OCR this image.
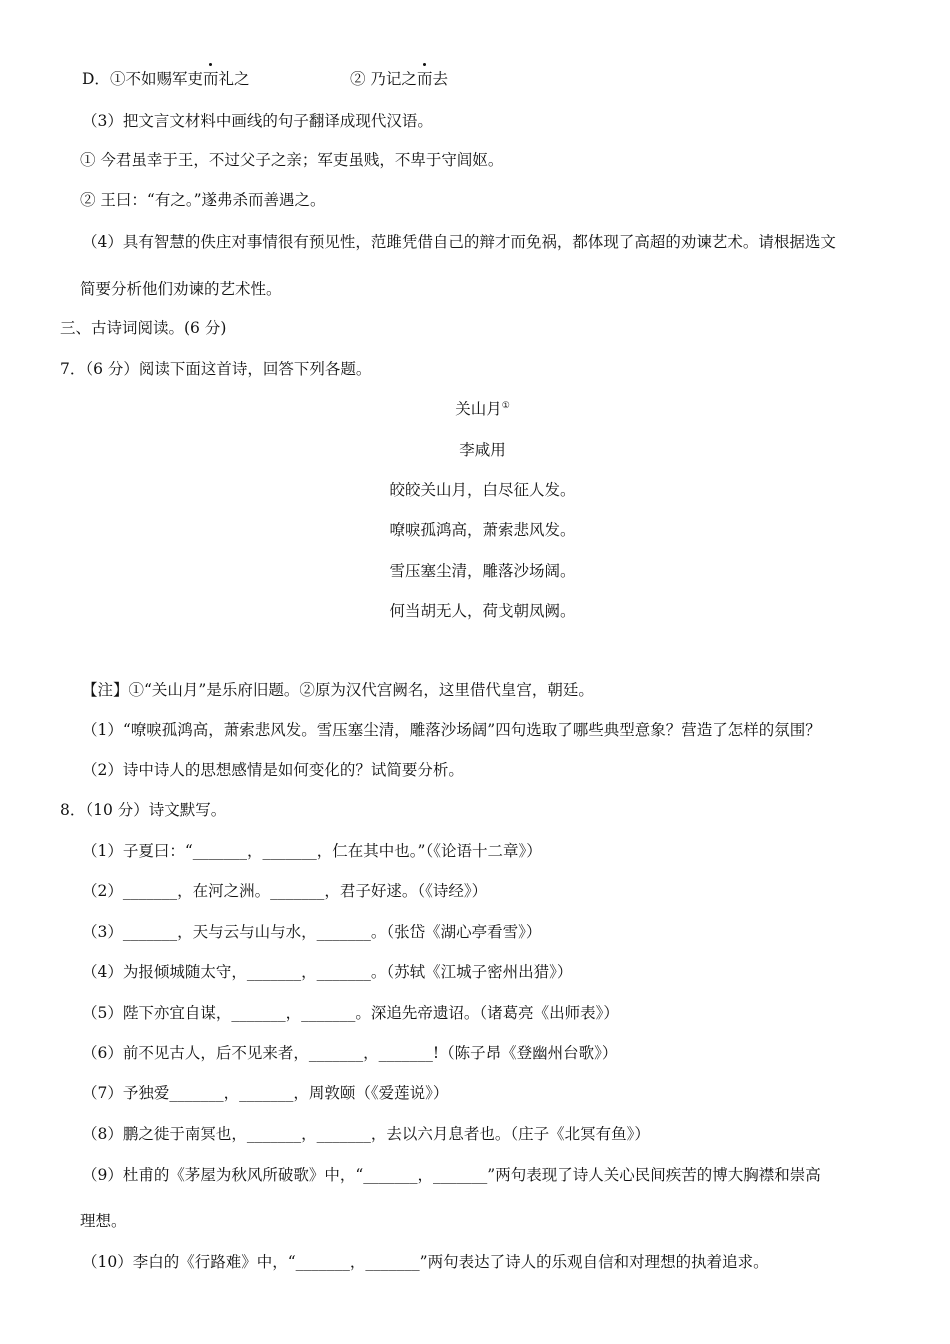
D．①不如赐军吏而礼之	② 乃记之而去
（3）把文言文材料中画线的句子翻译成现代汉语。
① 今君虽幸于王，不过父子之亲；军吏虽贱，不卑于守闾妪。
② 王曰：“有之。”遂弗杀而善遇之。
（4）具有智慧的佚庄对事情很有预见性，范雎凭借自己的辩才而免祸，都体现了高超的劝谏艺术。请根据选文
简要分析他们劝谏的艺术性。
三、古诗词阅读。(6 分)
7．（6 分）阅读下面这首诗，回答下列各题。
关山月①
李咸用
皎皎关山月，白尽征人发。
嘹唳孤鸿高，萧索悲风发。
雪压塞尘清，雕落沙场阔。
何当胡无人，荷戈朝凤阙。
【注】①“关山月”是乐府旧题。②原为汉代宫阙名，这里借代皇宫，朝廷。
（1）“嘹唳孤鸿高，萧索悲风发。雪压塞尘清，雕落沙场阔”四句选取了哪些典型意象？营造了怎样的氛围？
（2）诗中诗人的思想感情是如何变化的？试简要分析。
8．（10 分）诗文默写。
（1）子夏曰：“_______，_______，仁在其中也。”（《论语十二章》）
（2）_______，在河之洲。_______，君子好逑。（《诗经》）
（3）_______，天与云与山与水，_______。（张岱《湖心亭看雪》）
（4）为报倾城随太守，_______，_______。（苏轼《江城子密州出猎》）
（5）陛下亦宜自谋，_______，_______。深追先帝遗诏。（诸葛亮《出师表》）
（6）前不见古人，后不见来者，_______，_______!（陈子昂《登幽州台歌》）
（7）予独爱_______，_______，周敦颐（《爱莲说》）
（8）鹏之徙于南冥也，_______，_______，去以六月息者也。（庄子《北冥有鱼》）
（9）杜甫的《茅屋为秋风所破歌》中，“_______，_______”两句表现了诗人关心民间疾苦的博大胸襟和崇高
理想。
（10）李白的《行路难》中，“_______，_______”两句表达了诗人的乐观自信和对理想的执着追求。
